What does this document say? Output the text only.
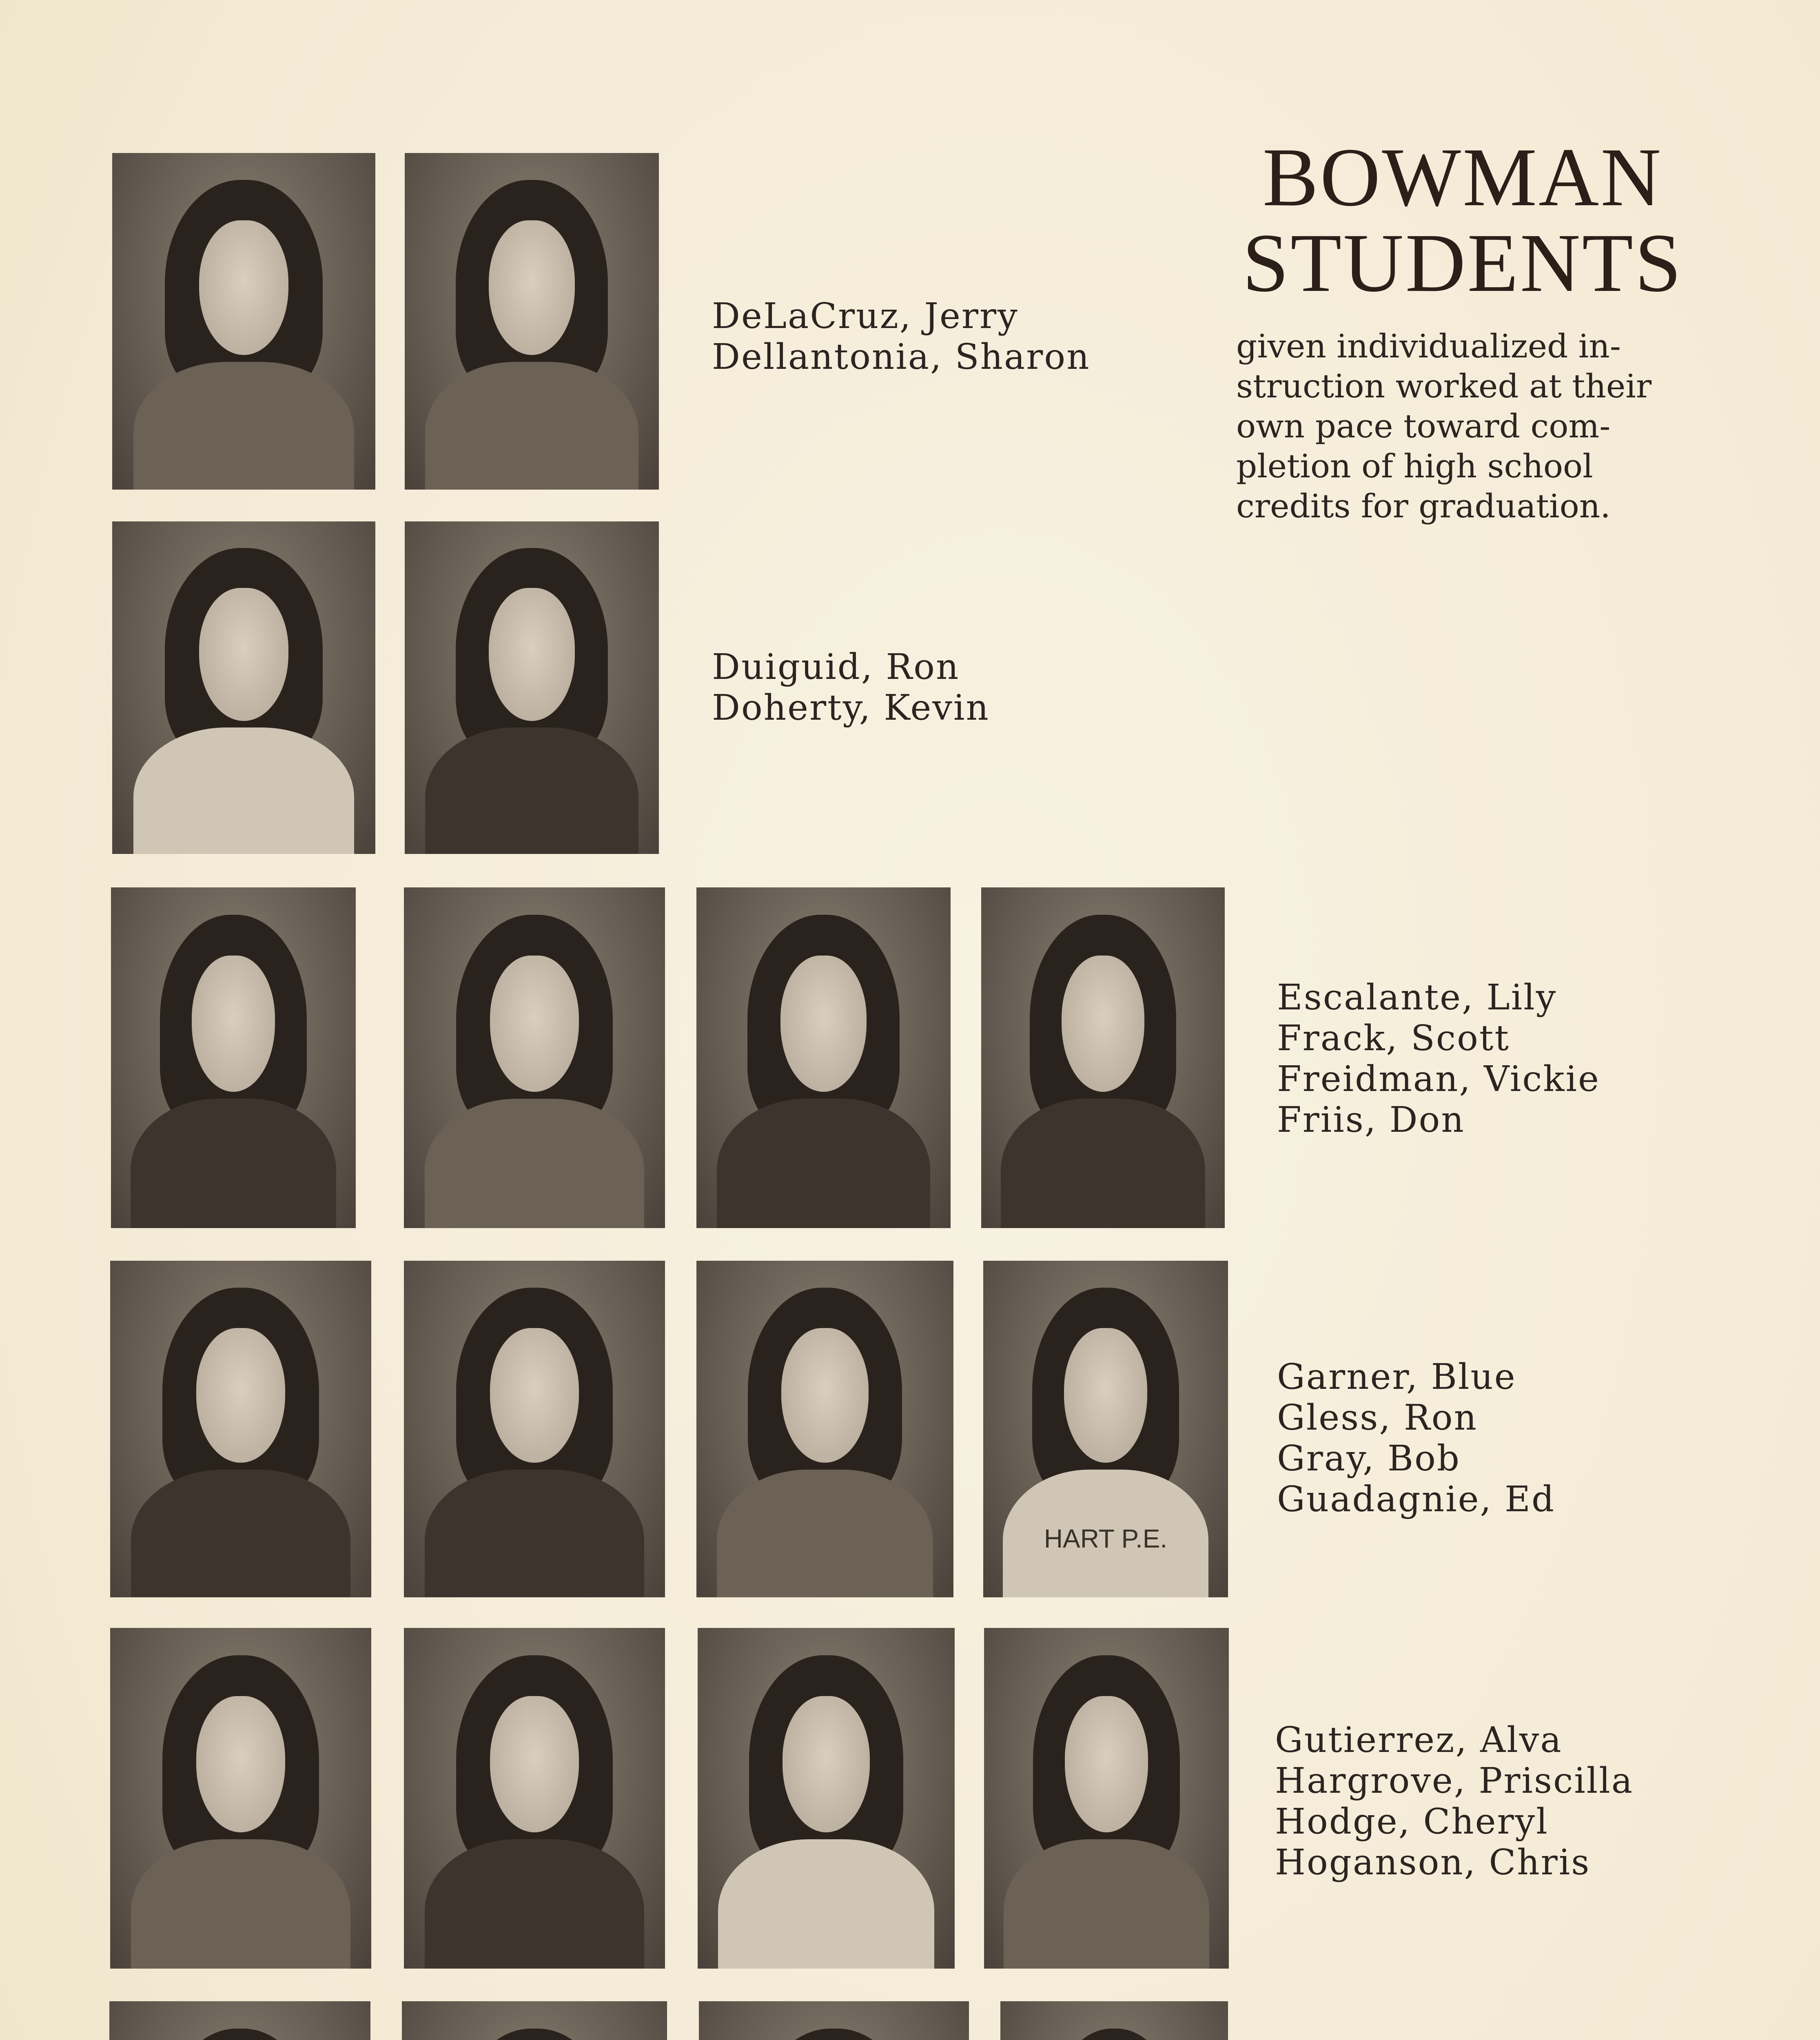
BOWMAN
STUDENTS
given individualized in-
struction worked at their
own pace toward com-
pletion of high school
credits for graduation.
DeLaCruz, Jerry
Dellantonia, Sharon
Duiguid, Ron
Doherty, Kevin
Escalante, Lily
Frack, Scott
Freidman, Vickie
Friis, Don
HART P.E.
Garner, Blue
Gless, Ron
Gray, Bob
Guadagnie, Ed
Gutierrez, Alva
Hargrove, Priscilla
Hodge, Cheryl
Hoganson, Chris
